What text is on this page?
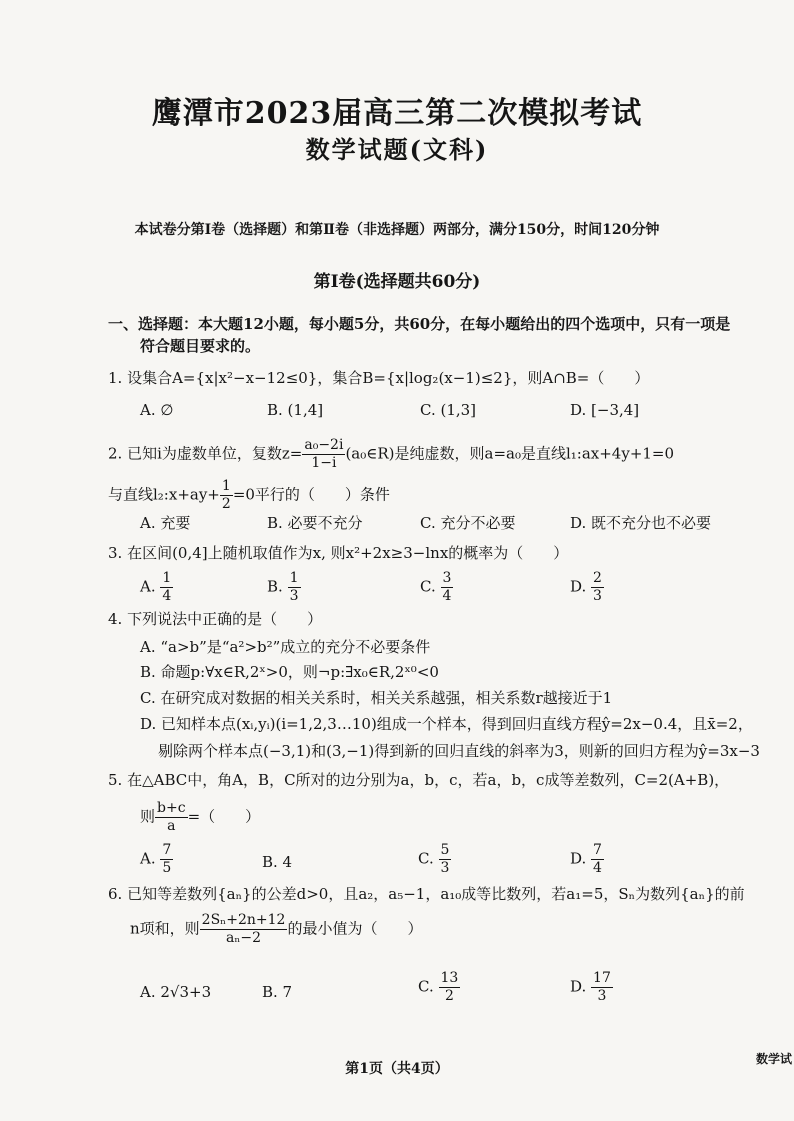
鹰潭市2023届高三第二次模拟考试
数学试题(文科)
本试卷分第Ⅰ卷（选择题）和第Ⅱ卷（非选择题）两部分，满分150分，时间120分钟
第Ⅰ卷(选择题共60分)
一、选择题：本大题12小题，每小题5分，共60分，在每小题给出的四个选项中，只有一项是
符合题目要求的。
1. 设集合A={x|x²−x−12≤0}，集合B={x|log₂(x−1)≤2}，则A∩B=（　　）
A. ∅	B. (1,4]	C. (1,3]	D. [−3,4]
2. 已知i为虚数单位，复数$z= \frac{\text{a₀−2i}}{1-i}$ (a₀∈R)是纯虚数，则a=a₀是直线l₁:ax+4y+1=0
与直线l₂:x+ay+ $\frac{1}{2} =0$平行的（　　）条件
A. 充要	B. 必要不充分	C. 充分不必要	D. 既不充分也不必要
3. 在区间(0,4]上随机取值作为x, 则x²+2x≥3−lnx的概率为（　　）
A. $\frac{1}{4}$	B. $\frac{1}{3}$	C. $\frac{3}{4}$	D. $\frac{2}{3}$
4. 下列说法中正确的是（　　）
A. “a>b”是“a²>b²”成立的充分不必要条件
B. 命题p:∀x∈R,2ˣ>0，则¬p:∃x₀∈R,2ˣ⁰<0
C. 在研究成对数据的相关关系时，相关关系越强，相关系数r越接近于1
D. 已知样本点(xᵢ,yᵢ)(i=1,2,3…10)组成一个样本，得到回归直线方程ŷ=2x−0.4，且x̄=2，
剔除两个样本点(−3,1)和(3,−1)得到新的回归直线的斜率为3，则新的回归方程为ŷ=3x−3
5. 在△ABC中，角A，B，C所对的边分别为a，b，c，若a，b，c成等差数列，C=2(A+B)，
则 $\frac{b+c}{a}$ =（　　）
A. $\frac{7}{5}$	B. 4	C. $\frac{5}{3}$	D. $\frac{7}{4}$
6. 已知等差数列{aₙ}的公差d>0，且a₂，a₅−1，a₁₀成等比数列，若a₁=5，Sₙ为数列{aₙ}的前
n项和，则 $\frac{\text{2Sₙ+2n+12}}{\text{aₙ−2}}$ 的最小值为（　　）
A. 2√3+3	B. 7	C. $\frac{13}{2}$	D. $\frac{17}{3}$
第1页（共4页）
数学试
